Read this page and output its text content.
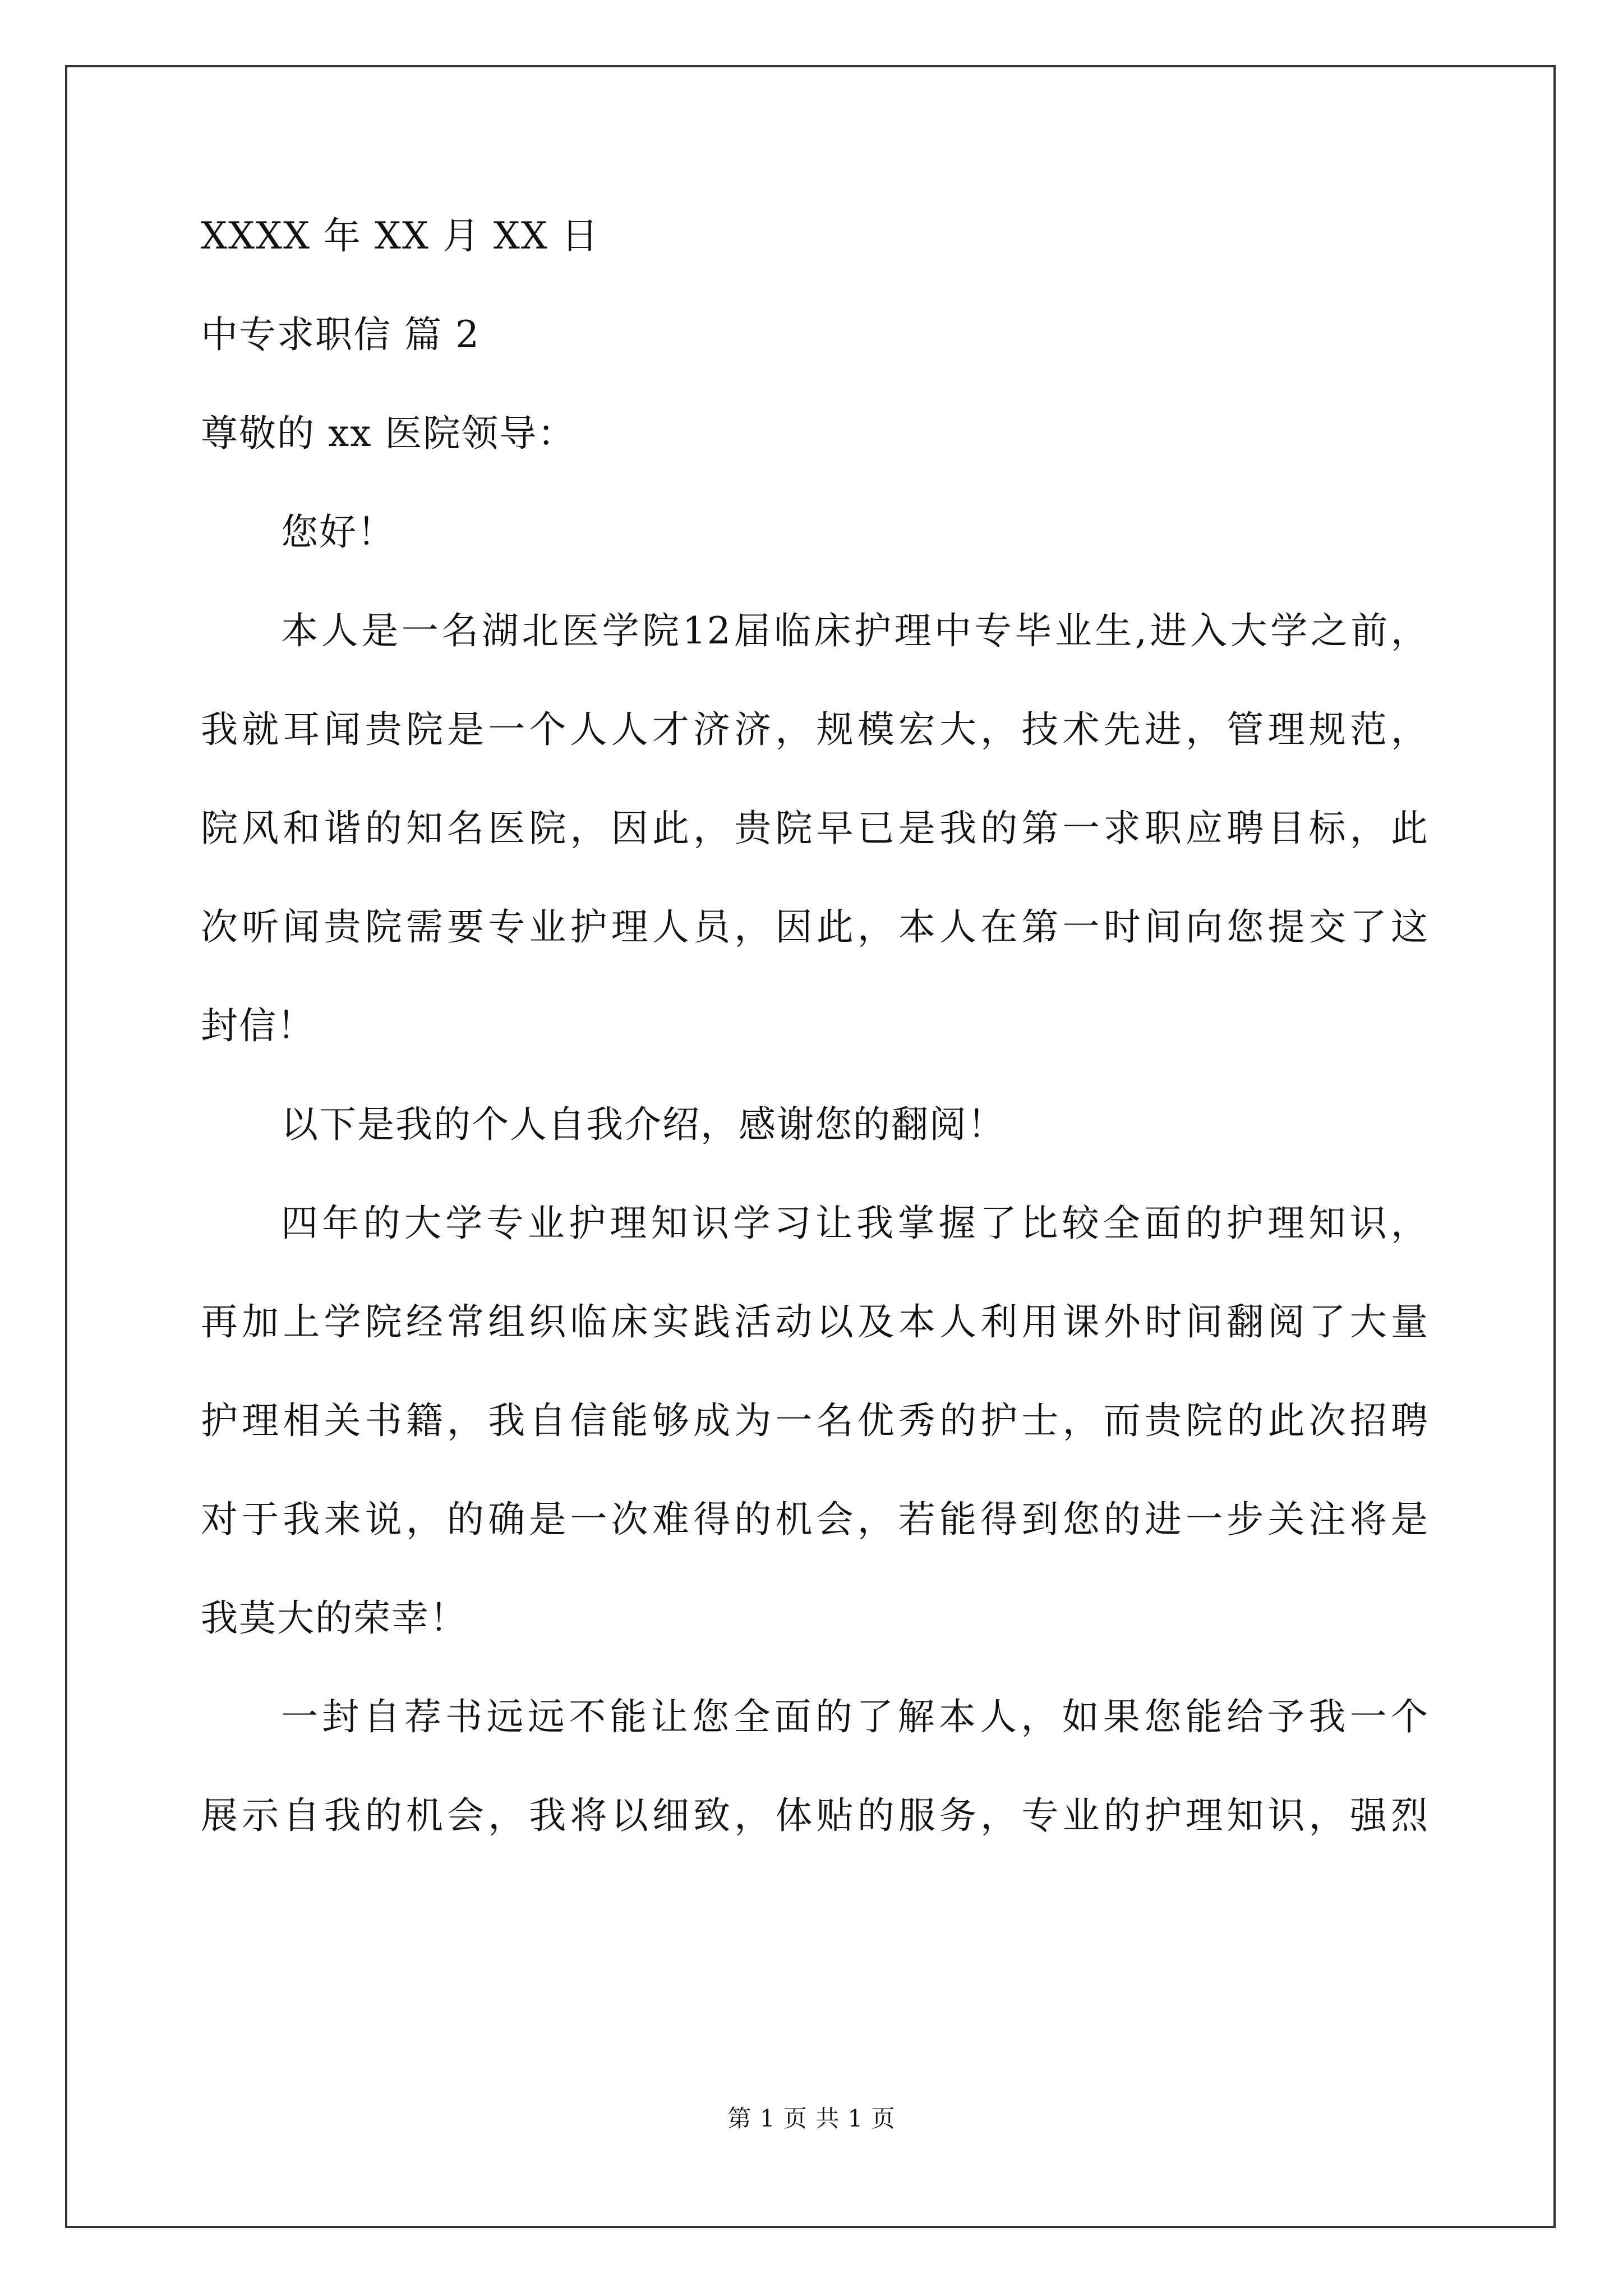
XXXX 年 XX 月 XX 日
中专求职信 篇 2
尊敬的 xx 医院领导：
您好！
本人是一名湖北医学院12届临床护理中专毕业生,进入大学之前，
我就耳闻贵院是一个人人才济济，规模宏大，技术先进，管理规范，
院风和谐的知名医院，因此，贵院早已是我的第一求职应聘目标，此
次听闻贵院需要专业护理人员，因此，本人在第一时间向您提交了这
封信！
以下是我的个人自我介绍，感谢您的翻阅！
四年的大学专业护理知识学习让我掌握了比较全面的护理知识，
再加上学院经常组织临床实践活动以及本人利用课外时间翻阅了大量
护理相关书籍，我自信能够成为一名优秀的护士，而贵院的此次招聘
对于我来说，的确是一次难得的机会，若能得到您的进一步关注将是
我莫大的荣幸！
一封自荐书远远不能让您全面的了解本人，如果您能给予我一个
展示自我的机会，我将以细致，体贴的服务，专业的护理知识，强烈
第 1 页 共 1 页
